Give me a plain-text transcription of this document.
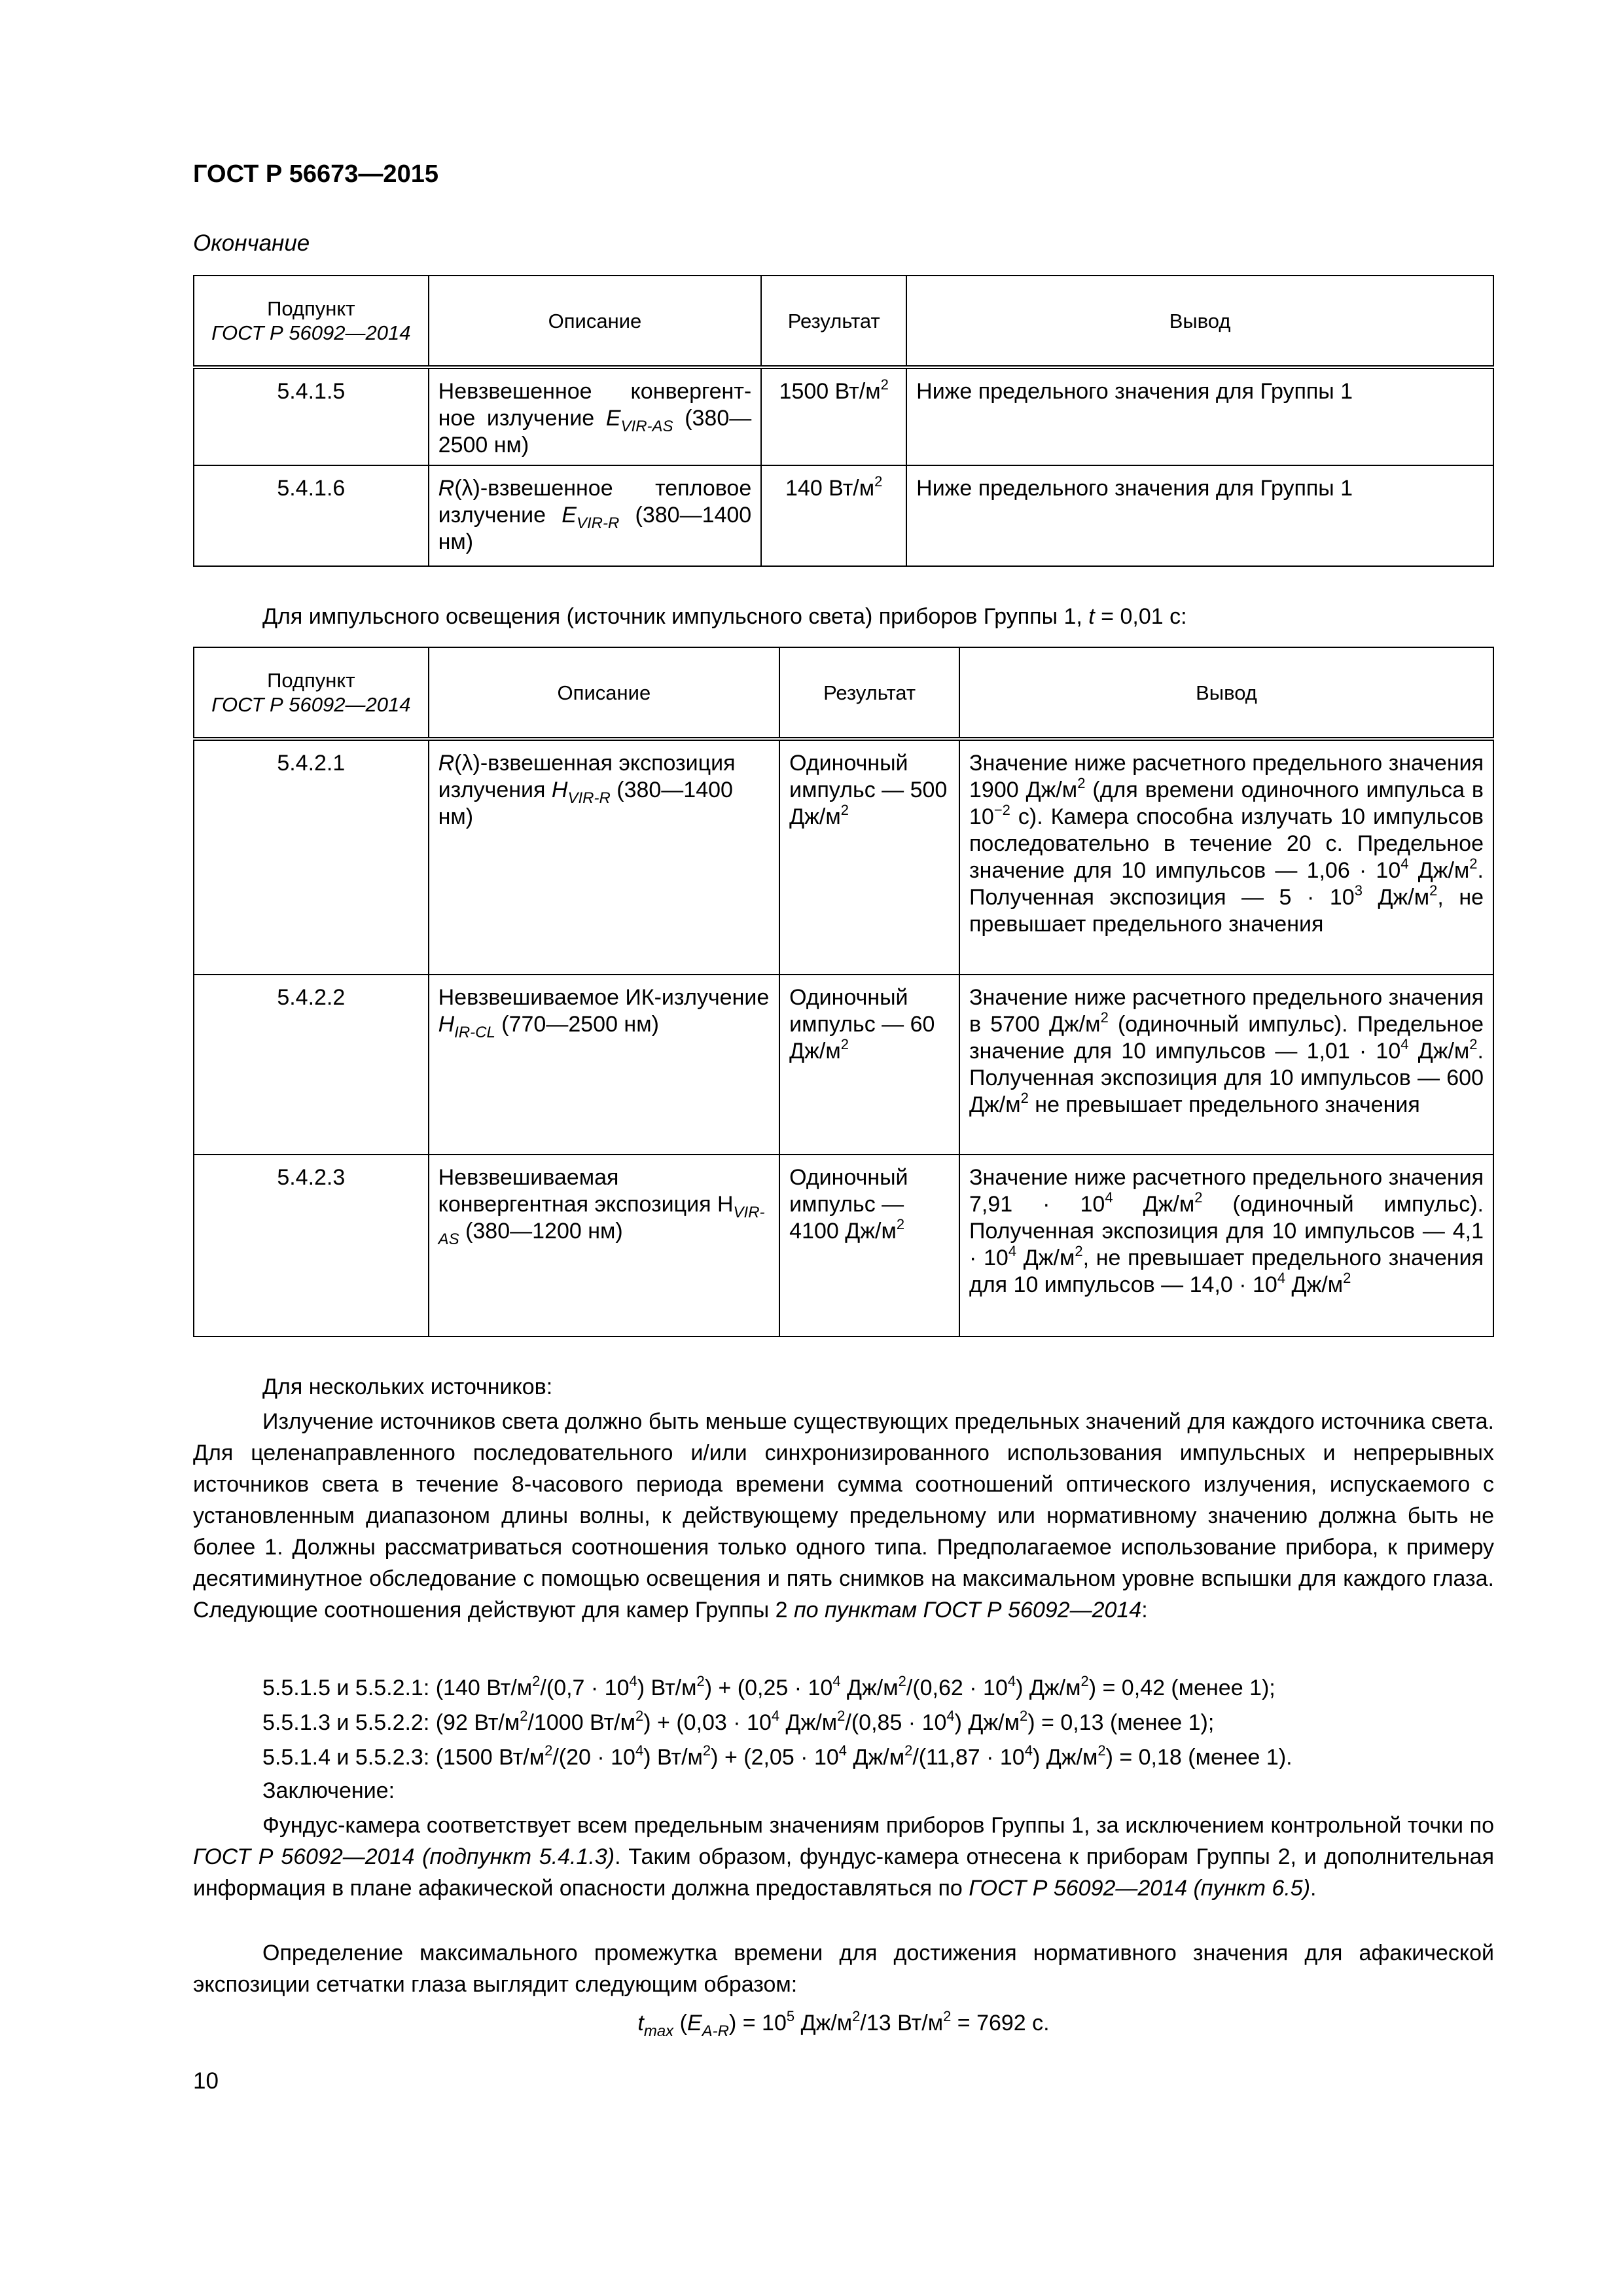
ГОСТ Р 56673—2015
Окончание
Подпункт
ГОСТ Р 56092—2014	Описание	Результат	Вывод
5.4.1.5	Невзвешенное конвергент-ное излучение $E_{VIR-AS}$ (380—2500 нм)	1500 $Вт/м^2$	Ниже предельного значения для Группы 1
5.4.1.6	R(λ)-взвешенное тепловое излучение $E_{VIR-R}$ (380—1400 нм)	140 $Вт/м^2$	Ниже предельного значения для Группы 1
Для импульсного освещения (источник импульсного света) приборов Группы 1, t = 0,01 с:
Подпункт
ГОСТ Р 56092—2014	Описание	Результат	Вывод
5.4.2.1	R(λ)-взвешенная экспозиция излучения $H_{VIR-R}$ (380—1400 нм)	Одиночный импульс — 500 $Дж/м^2$	Значение ниже расчетного предельного значения 1900 $Дж/м^2$ (для времени одиночного импульса в $10^{-2}$ с). Камера способна излучать 10 импульсов последовательно в течение 20 с. Предельное значение для 10 импульсов — $1,06 \cdot 10^4$ $Дж/м^2$. Полученная экспозиция — $5 \cdot 10^3$ $Дж/м^2$, не превышает предельного значения
5.4.2.2	Невзвешиваемое ИК-излучение $H_{IR-CL}$ (770—2500 нм)	Одиночный импульс — 60 $Дж/м^2$	Значение ниже расчетного предельного значения в 5700 $Дж/м^2$ (одиночный импульс). Предельное значение для 10 импульсов — $1,01 \cdot 10^4$ $Дж/м^2$. Полученная экспозиция для 10 импульсов — 600 $Дж/м^2$ не превышает предельного значения
5.4.2.3	Невзвешиваемая конвергентная экспозиция $H_{VIR-AS}$ (380—1200 нм)	Одиночный импульс — 4100 $Дж/м^2$	Значение ниже расчетного предельного значения $7,91 \cdot 10^4$ $Дж/м^2$ (одиночный импульс). Полученная экспозиция для 10 импульсов — $4,1 \cdot 10^4$ $Дж/м^2$, не превышает предельного значения для 10 импульсов — $14,0 \cdot 10^4$ $Дж/м^2$
Для нескольких источников:
Излучение источников света должно быть меньше существующих предельных значений для каждого источника света. Для целенаправленного последовательного и/или синхронизированного использования импульсных и непрерывных источников света в течение 8-часового периода времени сумма соотношений оптического излучения, испускаемого с установленным диапазоном длины волны, к действующему предельному или нормативному значению должна быть не более 1. Должны рассматриваться соотношения только одного типа. Предполагаемое использование прибора, к примеру десятиминутное обследование с помощью освещения и пять снимков на максимальном уровне вспышки для каждого глаза. Следующие соотношения действуют для камер Группы 2 по пунктам ГОСТ Р 56092—2014:
5.5.1.5 и 5.5.2.1: (140 $Вт/м^2/(0,7 \cdot 10^4) Вт/м^2) + (0,25 \cdot 10^4$ $Дж/м^2/(0,62 \cdot 10^4) Дж/м^2) = 0,42$ (менее 1);
5.5.1.3 и 5.5.2.2: (92 $Вт/м^2/1000$ $Вт/м^2) + (0,03 \cdot 10^4$ $Дж/м^2/(0,85 \cdot 10^4) Дж/м^2) = 0,13$ (менее 1);
5.5.1.4 и 5.5.2.3: (1500 $Вт/м^2/(20 \cdot 10^4) Вт/м^2) + (2,05 \cdot 10^4$ $Дж/м^2/(11,87 \cdot 10^4) Дж/м^2) = 0,18$ (менее 1).
Заключение:
Фундус-камера соответствует всем предельным значениям приборов Группы 1, за исключением контрольной точки по ГОСТ Р 56092—2014 (подпункт 5.4.1.3). Таким образом, фундус-камера отнесена к приборам Группы 2, и дополнительная информация в плане афакической опасности должна предоставляться по ГОСТ Р 56092—2014 (пункт 6.5).
Определение максимального промежутка времени для достижения нормативного значения для афакической экспозиции сетчатки глаза выглядит следующим образом:
$t_{max}$ $(E_{A-R}) = 10^5$ $Дж/м^2/13$ $Вт/м^2 = 7692$ с.
10
